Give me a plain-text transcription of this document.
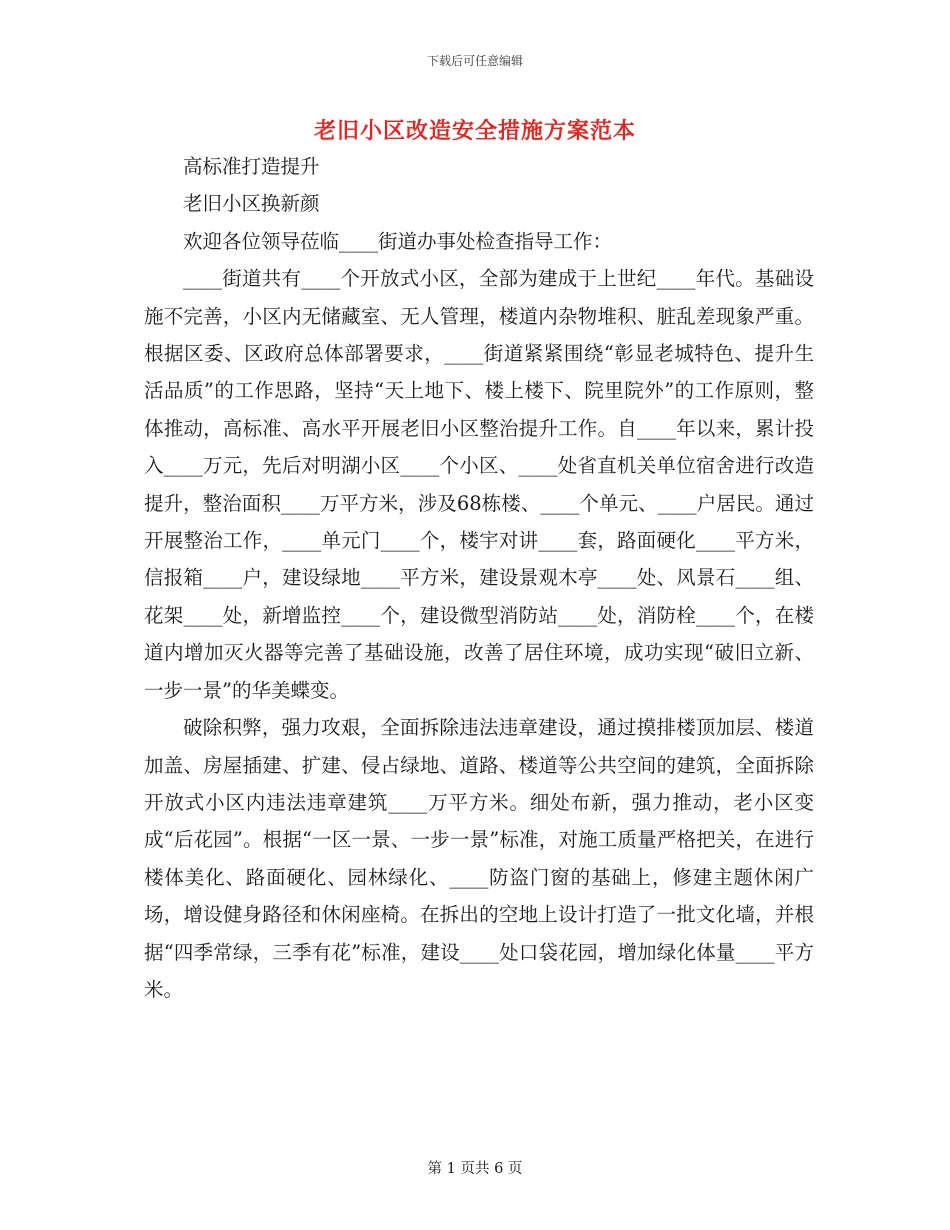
下载后可任意编辑
老旧小区改造安全措施方案范本

高标准打造提升

老旧小区换新颜

欢迎各位领导莅临____街道办事处检查指导工作：

____街道共有____个开放式小区，全部为建成于上世纪____年代。基础设施不完善，小区内无储藏室、无人管理，楼道内杂物堆积、脏乱差现象严重。根据区委、区政府总体部署要求，____街道紧紧围绕“彰显老城特色、提升生活品质”的工作思路，坚持“天上地下、楼上楼下、院里院外”的工作原则，整体推动，高标准、高水平开展老旧小区整治提升工作。自____年以来，累计投入____万元，先后对明湖小区____个小区、____处省直机关单位宿舍进行改造提升，整治面积____万平方米，涉及68栋楼、____个单元、____户居民。通过开展整治工作，____单元门____个，楼宇对讲____套，路面硬化____平方米，信报箱____户，建设绿地____平方米，建设景观木亭____处、风景石____组、花架____处，新增监控____个，建设微型消防站____处，消防栓____个，在楼道内增加灭火器等完善了基础设施，改善了居住环境，成功实现“破旧立新、一步一景”的华美蝶变。

破除积弊，强力攻艰，全面拆除违法违章建设，通过摸排楼顶加层、楼道加盖、房屋插建、扩建、侵占绿地、道路、楼道等公共空间的建筑，全面拆除开放式小区内违法违章建筑____万平方米。细处布新，强力推动，老小区变成“后花园”。根据“一区一景、一步一景”标准，对施工质量严格把关，在进行楼体美化、路面硬化、园林绿化、____防盗门窗的基础上，修建主题休闲广场，增设健身路径和休闲座椅。在拆出的空地上设计打造了一批文化墙，并根据“四季常绿，三季有花”标准，建设____处口袋花园，增加绿化体量____平方米。

第 1 页共 6 页
